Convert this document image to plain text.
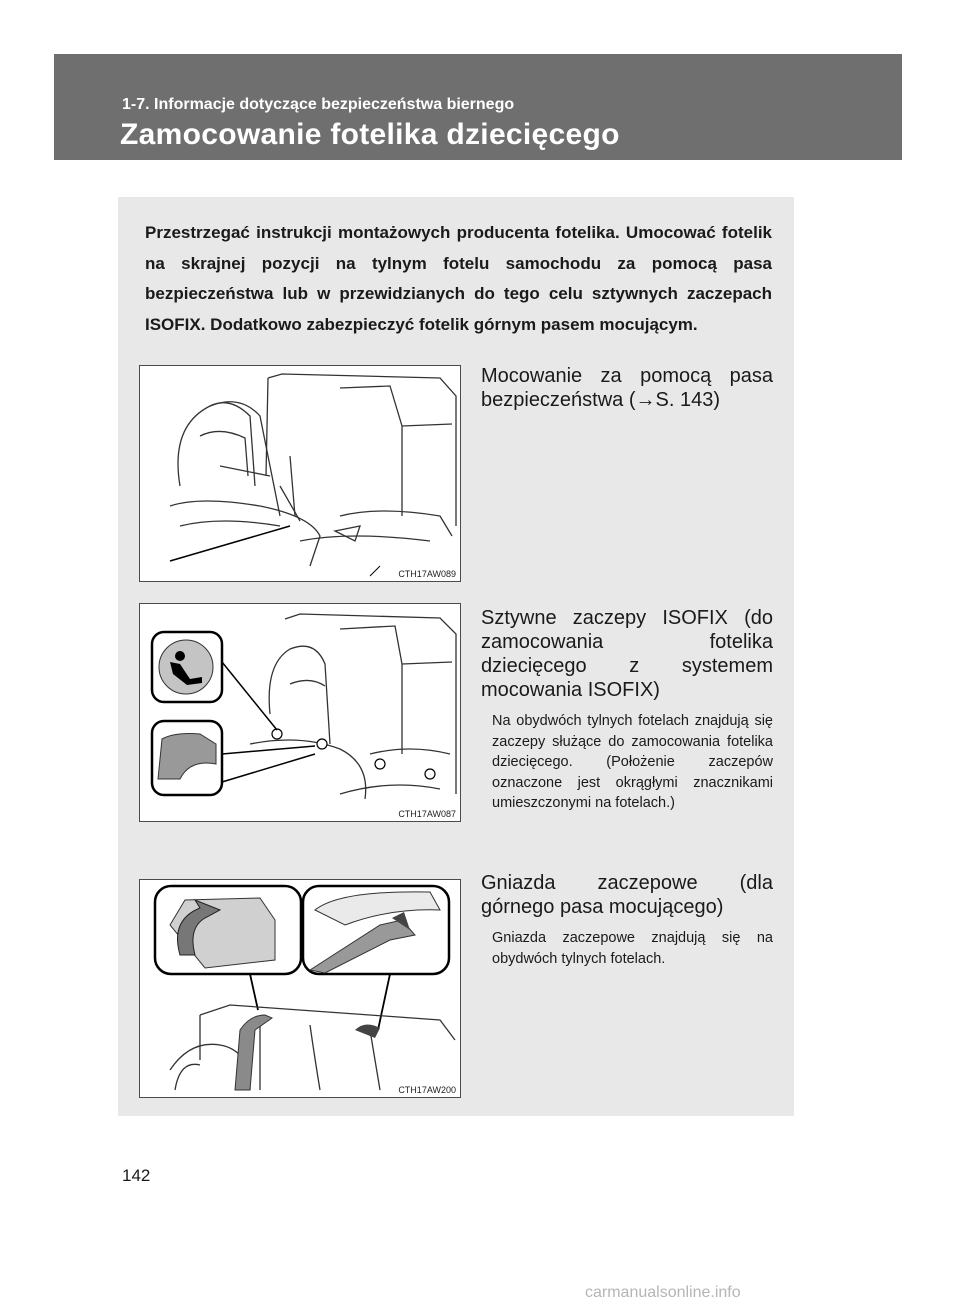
1-7. Informacje dotyczące bezpieczeństwa biernego
Zamocowanie fotelika dziecięcego
Przestrzegać instrukcji montażowych producenta fotelika. Umocować fotelik na skrajnej pozycji na tylnym fotelu samochodu za pomocą pasa bezpieczeństwa lub w przewidzianych do tego celu sztywnych zaczepach ISOFIX. Dodatkowo zabezpieczyć fotelik górnym pasem mocującym.
CTH17AW089
Mocowanie za pomocą pasa bezpieczeństwa (→S. 143)
CTH17AW087
Sztywne zaczepy ISOFIX (do zamocowania fotelika dziecięcego z systemem mocowania ISOFIX)
Na obydwóch tylnych fotelach znajdują się zaczepy służące do zamocowania fotelika dziecięcego. (Położenie zaczepów oznaczone jest okrągłymi znacznikami umieszczonymi na fotelach.)
CTH17AW200
Gniazda zaczepowe (dla górnego pasa mocującego)
Gniazda zaczepowe znajdują się na obydwóch tylnych fotelach.
142
carmanualsonline.info
